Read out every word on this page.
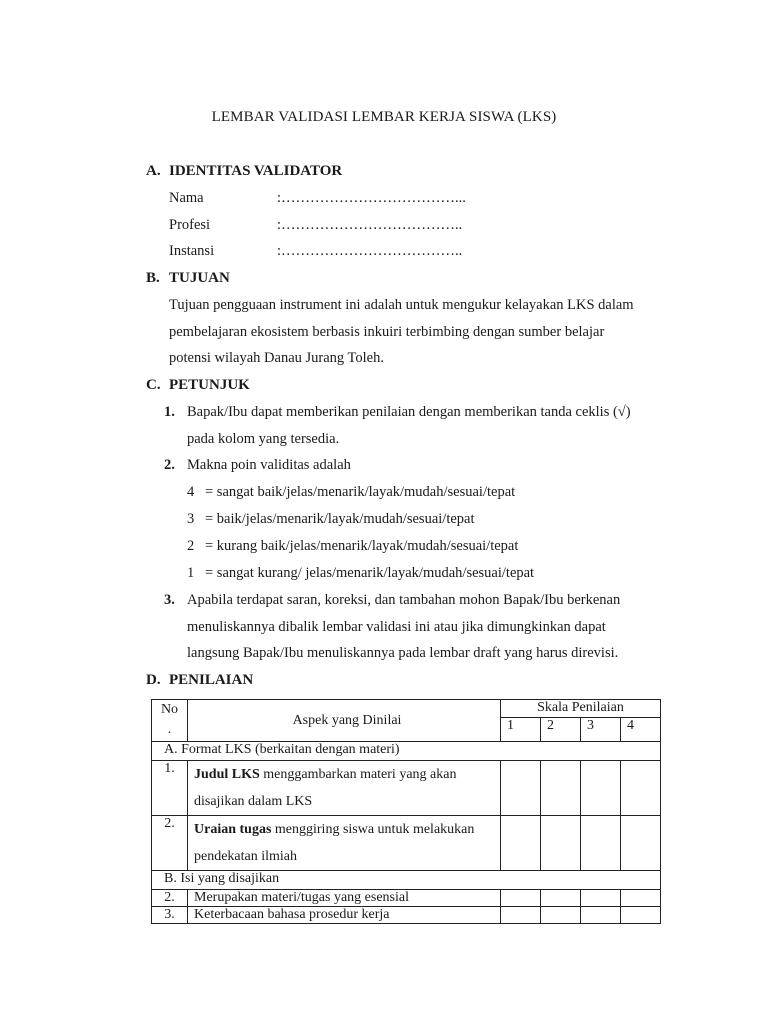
LEMBAR VALIDASI LEMBAR KERJA SISWA (LKS)
A. IDENTITAS VALIDATOR
Nama	:………………………………...
Profesi	:………………………………..
Instansi	:………………………………..
B. TUJUAN
Tujuan pengguaan instrument ini adalah untuk mengukur kelayakan LKS dalam
pembelajaran ekosistem berbasis inkuiri terbimbing dengan sumber belajar
potensi wilayah Danau Jurang Toleh.
C. PETUNJUK
1. Bapak/Ibu dapat memberikan penilaian dengan memberikan tanda ceklis (√)
pada kolom yang tersedia.
2. Makna poin validitas adalah
4 = sangat baik/jelas/menarik/layak/mudah/sesuai/tepat
3 = baik/jelas/menarik/layak/mudah/sesuai/tepat
2 = kurang baik/jelas/menarik/layak/mudah/sesuai/tepat
1 = sangat kurang/ jelas/menarik/layak/mudah/sesuai/tepat
3. Apabila terdapat saran, koreksi, dan tambahan mohon Bapak/Ibu berkenan
menuliskannya dibalik lembar validasi ini atau jika dimungkinkan dapat
langsung Bapak/Ibu menuliskannya pada lembar draft yang harus direvisi.
D. PENILAIAN
No
.	Aspek yang Dinilai	Skala Penilaian			
		1	2	3	4
A. Format LKS (berkaitan dengan materi)					
1.	Judul LKS menggambarkan materi yang akan
disajikan dalam LKS				
2.	Uraian tugas menggiring siswa untuk melakukan
pendekatan ilmiah				
B. Isi yang disajikan					
2.	Merupakan materi/tugas yang esensial				
3.	Keterbacaan bahasa prosedur kerja				
